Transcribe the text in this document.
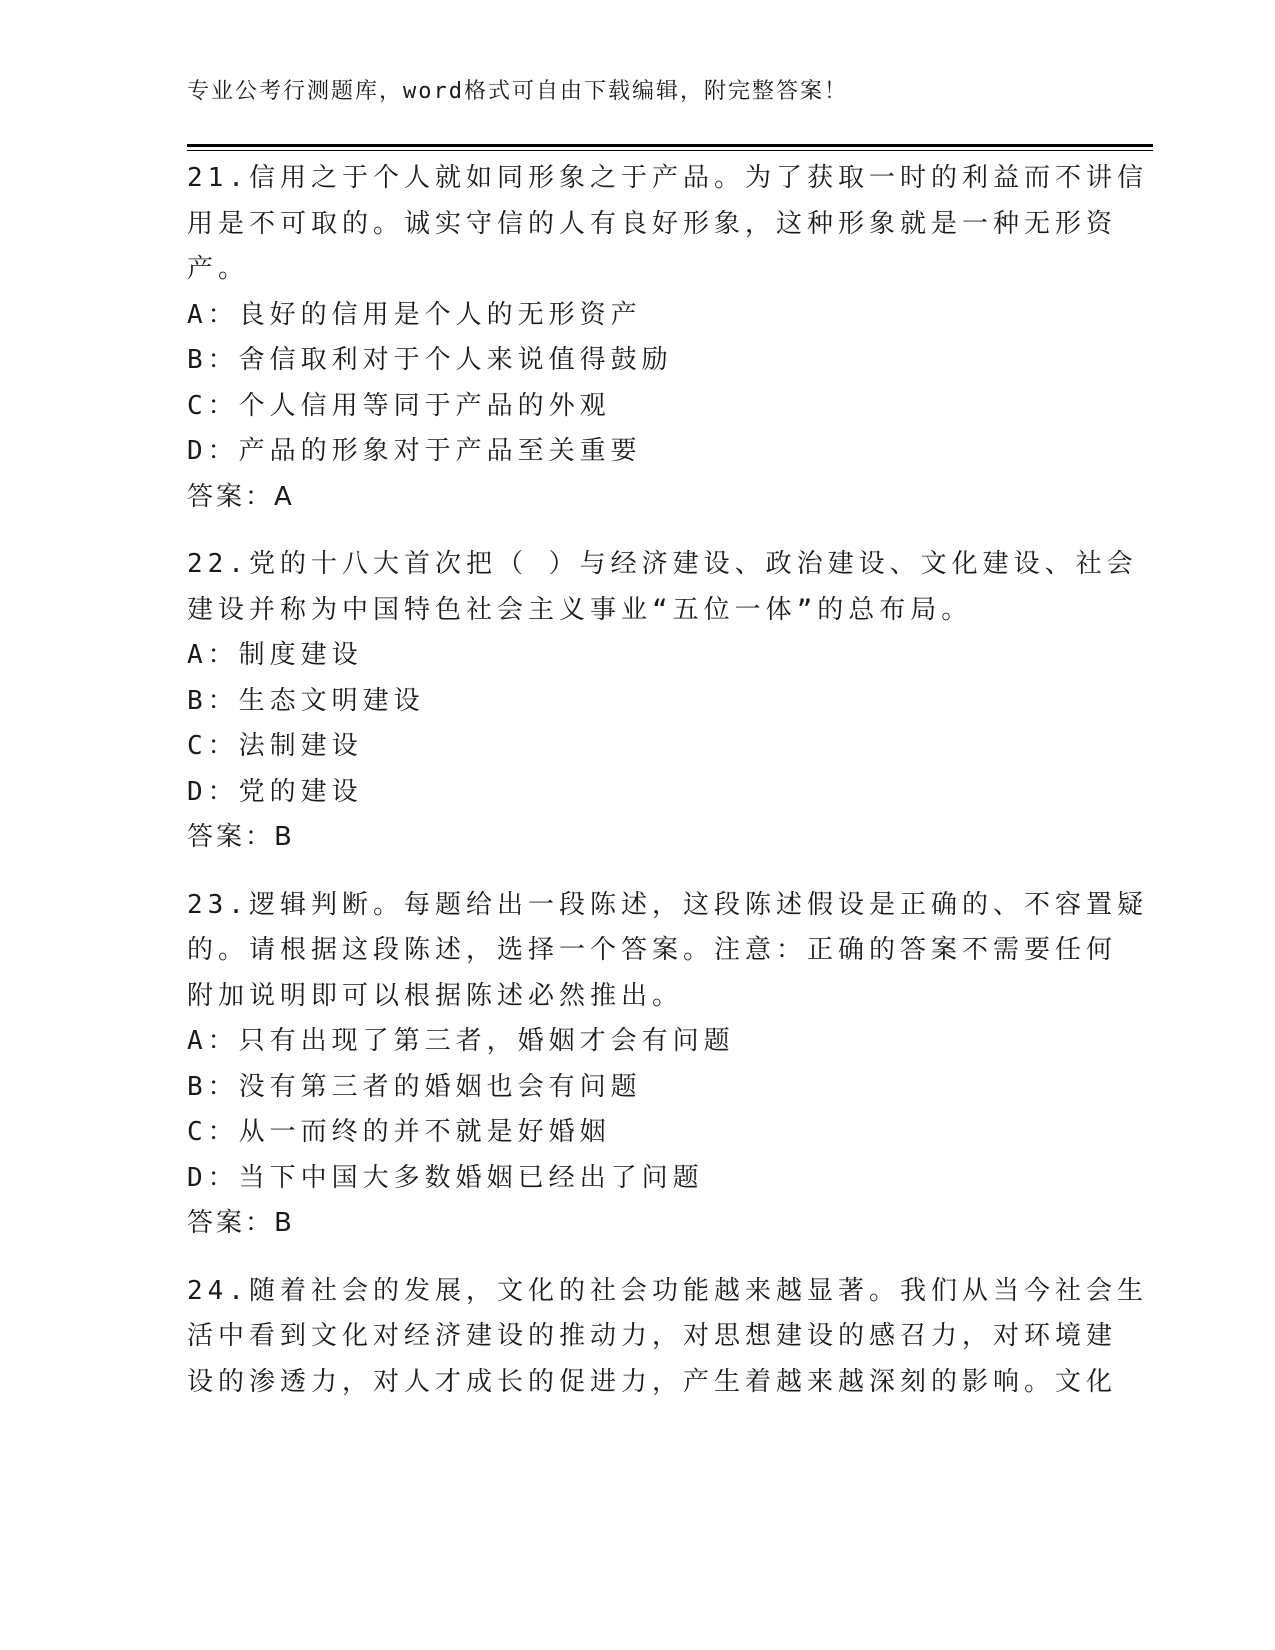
专业公考行测题库，word格式可自由下载编辑，附完整答案！
21.信用之于个人就如同形象之于产品。为了获取一时的利益而不讲信
用是不可取的。诚实守信的人有良好形象，这种形象就是一种无形资
产。
A：良好的信用是个人的无形资产
B：舍信取利对于个人来说值得鼓励
C：个人信用等同于产品的外观
D：产品的形象对于产品至关重要
答案：A
22.党的十八大首次把（ ）与经济建设、政治建设、文化建设、社会
建设并称为中国特色社会主义事业“五位一体”的总布局。
A：制度建设
B：生态文明建设
C：法制建设
D：党的建设
答案：B
23.逻辑判断。每题给出一段陈述，这段陈述假设是正确的、不容置疑
的。请根据这段陈述，选择一个答案。注意：正确的答案不需要任何
附加说明即可以根据陈述必然推出。
A：只有出现了第三者，婚姻才会有问题
B：没有第三者的婚姻也会有问题
C：从一而终的并不就是好婚姻
D：当下中国大多数婚姻已经出了问题
答案：B
24.随着社会的发展，文化的社会功能越来越显著。我们从当今社会生
活中看到文化对经济建设的推动力，对思想建设的感召力，对环境建
设的渗透力，对人才成长的促进力，产生着越来越深刻的影响。文化
